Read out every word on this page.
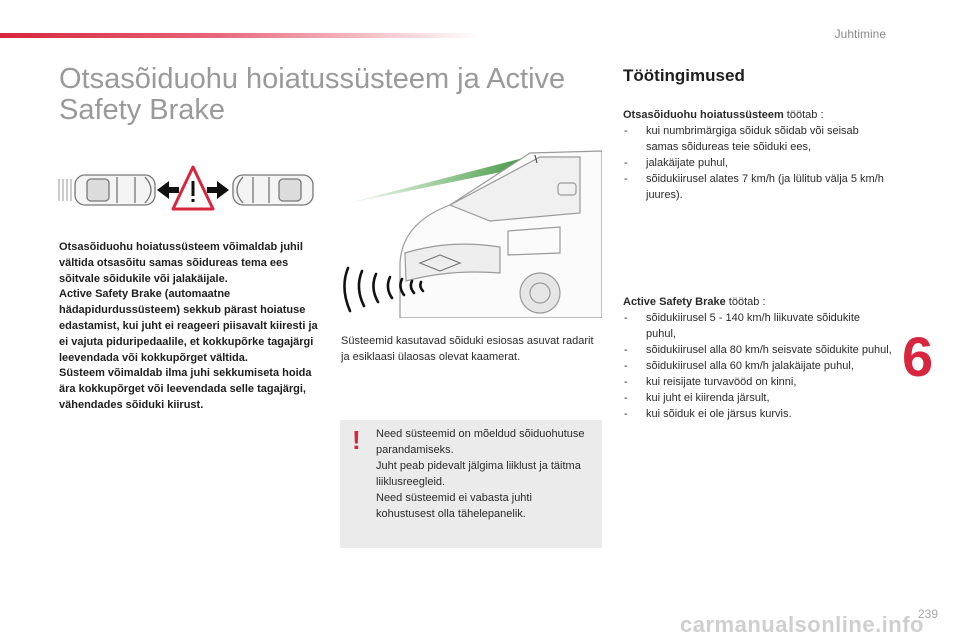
Juhtimine
Otsasõiduohu hoiatussüsteem ja Active Safety Brake

Otsasõiduohu hoiatussüsteem võimaldab juhil vältida otsasõitu samas sõidureas tema ees sõitvale sõidukile või jalakäijale.

Active Safety Brake (automaatne hädapidurdussüsteem) sekkub pärast hoiatuse edastamist, kui juht ei reageeri piisavalt kiiresti ja ei vajuta piduripedaalile, et kokkupõrke tagajärgi leevendada või kokkupõrget vältida.

Süsteem võimaldab ilma juhi sekkumiseta hoida ära kokkupõrget või leevendada selle tagajärgi, vähendades sõiduki kiirust.

Süsteemid kasutavad sõiduki esiosas asuvat radarit ja esiklaasi ülaosas olevat kaamerat.
! Need süsteemid on mõeldud sõiduohutuse parandamiseks.

Juht peab pidevalt jälgima liiklust ja täitma liiklusreegleid.

Need süsteemid ei vabasta juhti kohustusest olla tähelepanelik.

Töötingimused
Otsasõiduohu hoiatussüsteem töötab :
- kui numbrimärgiga sõiduk sõidab või seisab samas sõidureas teie sõiduki ees,
- jalakäijate puhul,
- sõidukiirusel alates 7 km/h (ja lülitub välja 5 km/h juures).
Active Safety Brake töötab :
- sõidukiirusel 5 - 140 km/h liikuvate sõidukite puhul,
- sõidukiirusel alla 80 km/h seisvate sõidukite puhul,
- sõidukiirusel alla 60 km/h jalakäijate puhul,
- kui reisijate turvavööd on kinni,
- kui juht ei kiirenda järsult,
- kui sõiduk ei ole järsus kurvis.
6
239
carmanualsonline.info
